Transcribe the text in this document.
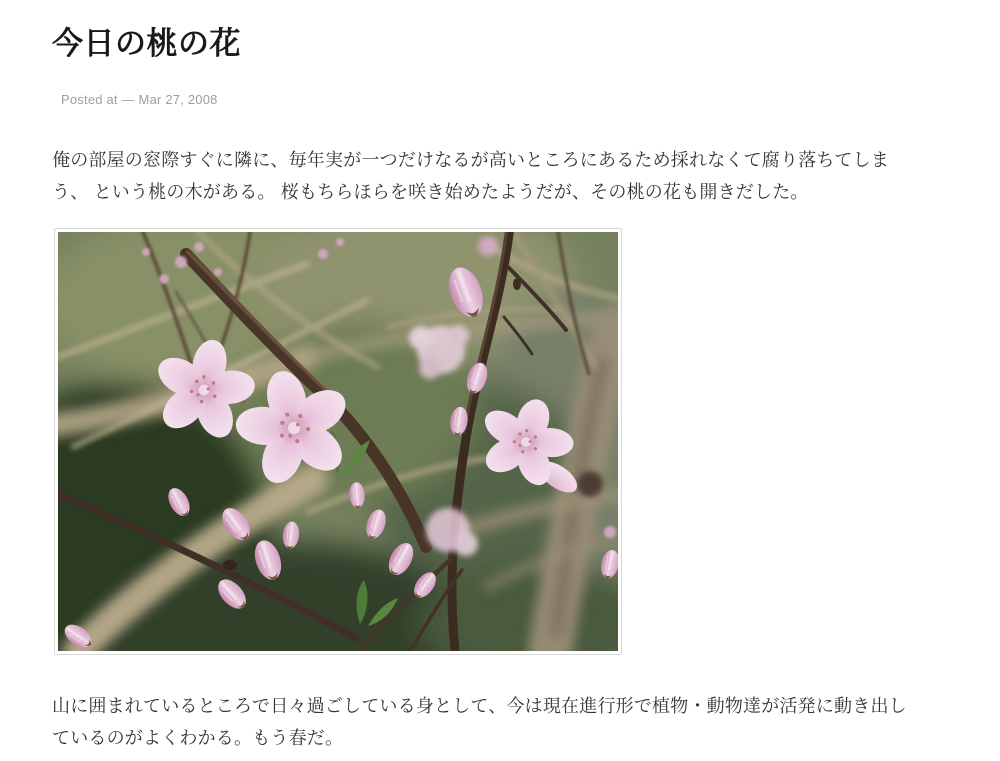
今日の桃の花
Posted at — Mar 27, 2008

俺の部屋の窓際すぐに隣に、毎年実が一つだけなるが高いところにあるため採れなくて腐り落ちてしまう、 という桃の木がある。 桜もちらほらを咲き始めたようだが、その桃の花も開きだした。

山に囲まれているところで日々過ごしている身として、今は現在進行形で植物・動物達が活発に動き出しているのがよくわかる。もう春だ。
